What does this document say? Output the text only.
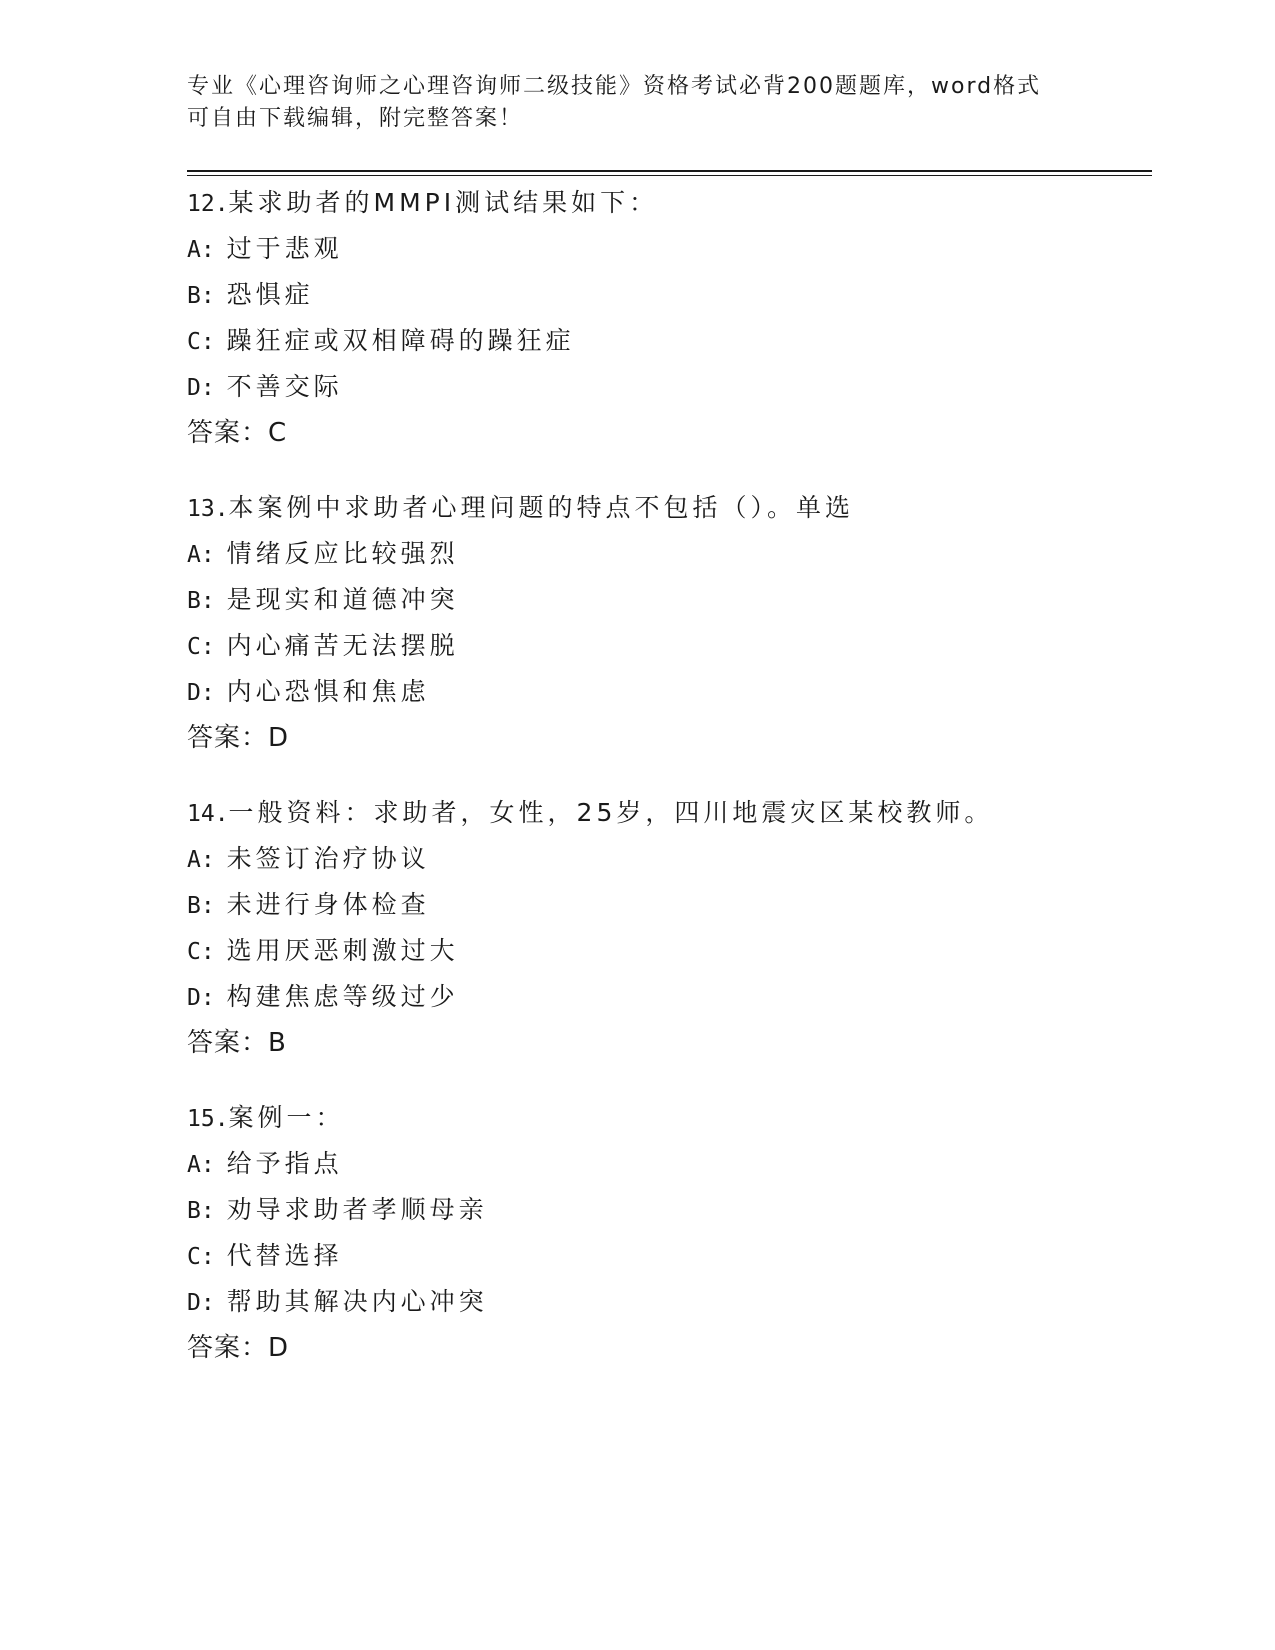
专业《心理咨询师之心理咨询师二级技能》资格考试必背200题题库，word格式
可自由下载编辑，附完整答案！
12.某求助者的MMPI测试结果如下：
A: 过于悲观
B: 恐惧症
C: 躁狂症或双相障碍的躁狂症
D: 不善交际
答案：C
13.本案例中求助者心理问题的特点不包括（）。单选
A: 情绪反应比较强烈
B: 是现实和道德冲突
C: 内心痛苦无法摆脱
D: 内心恐惧和焦虑
答案：D
14.一般资料：求助者，女性，25岁，四川地震灾区某校教师。
A: 未签订治疗协议
B: 未进行身体检查
C: 选用厌恶刺激过大
D: 构建焦虑等级过少
答案：B
15.案例一：
A: 给予指点
B: 劝导求助者孝顺母亲
C: 代替选择
D: 帮助其解决内心冲突
答案：D
